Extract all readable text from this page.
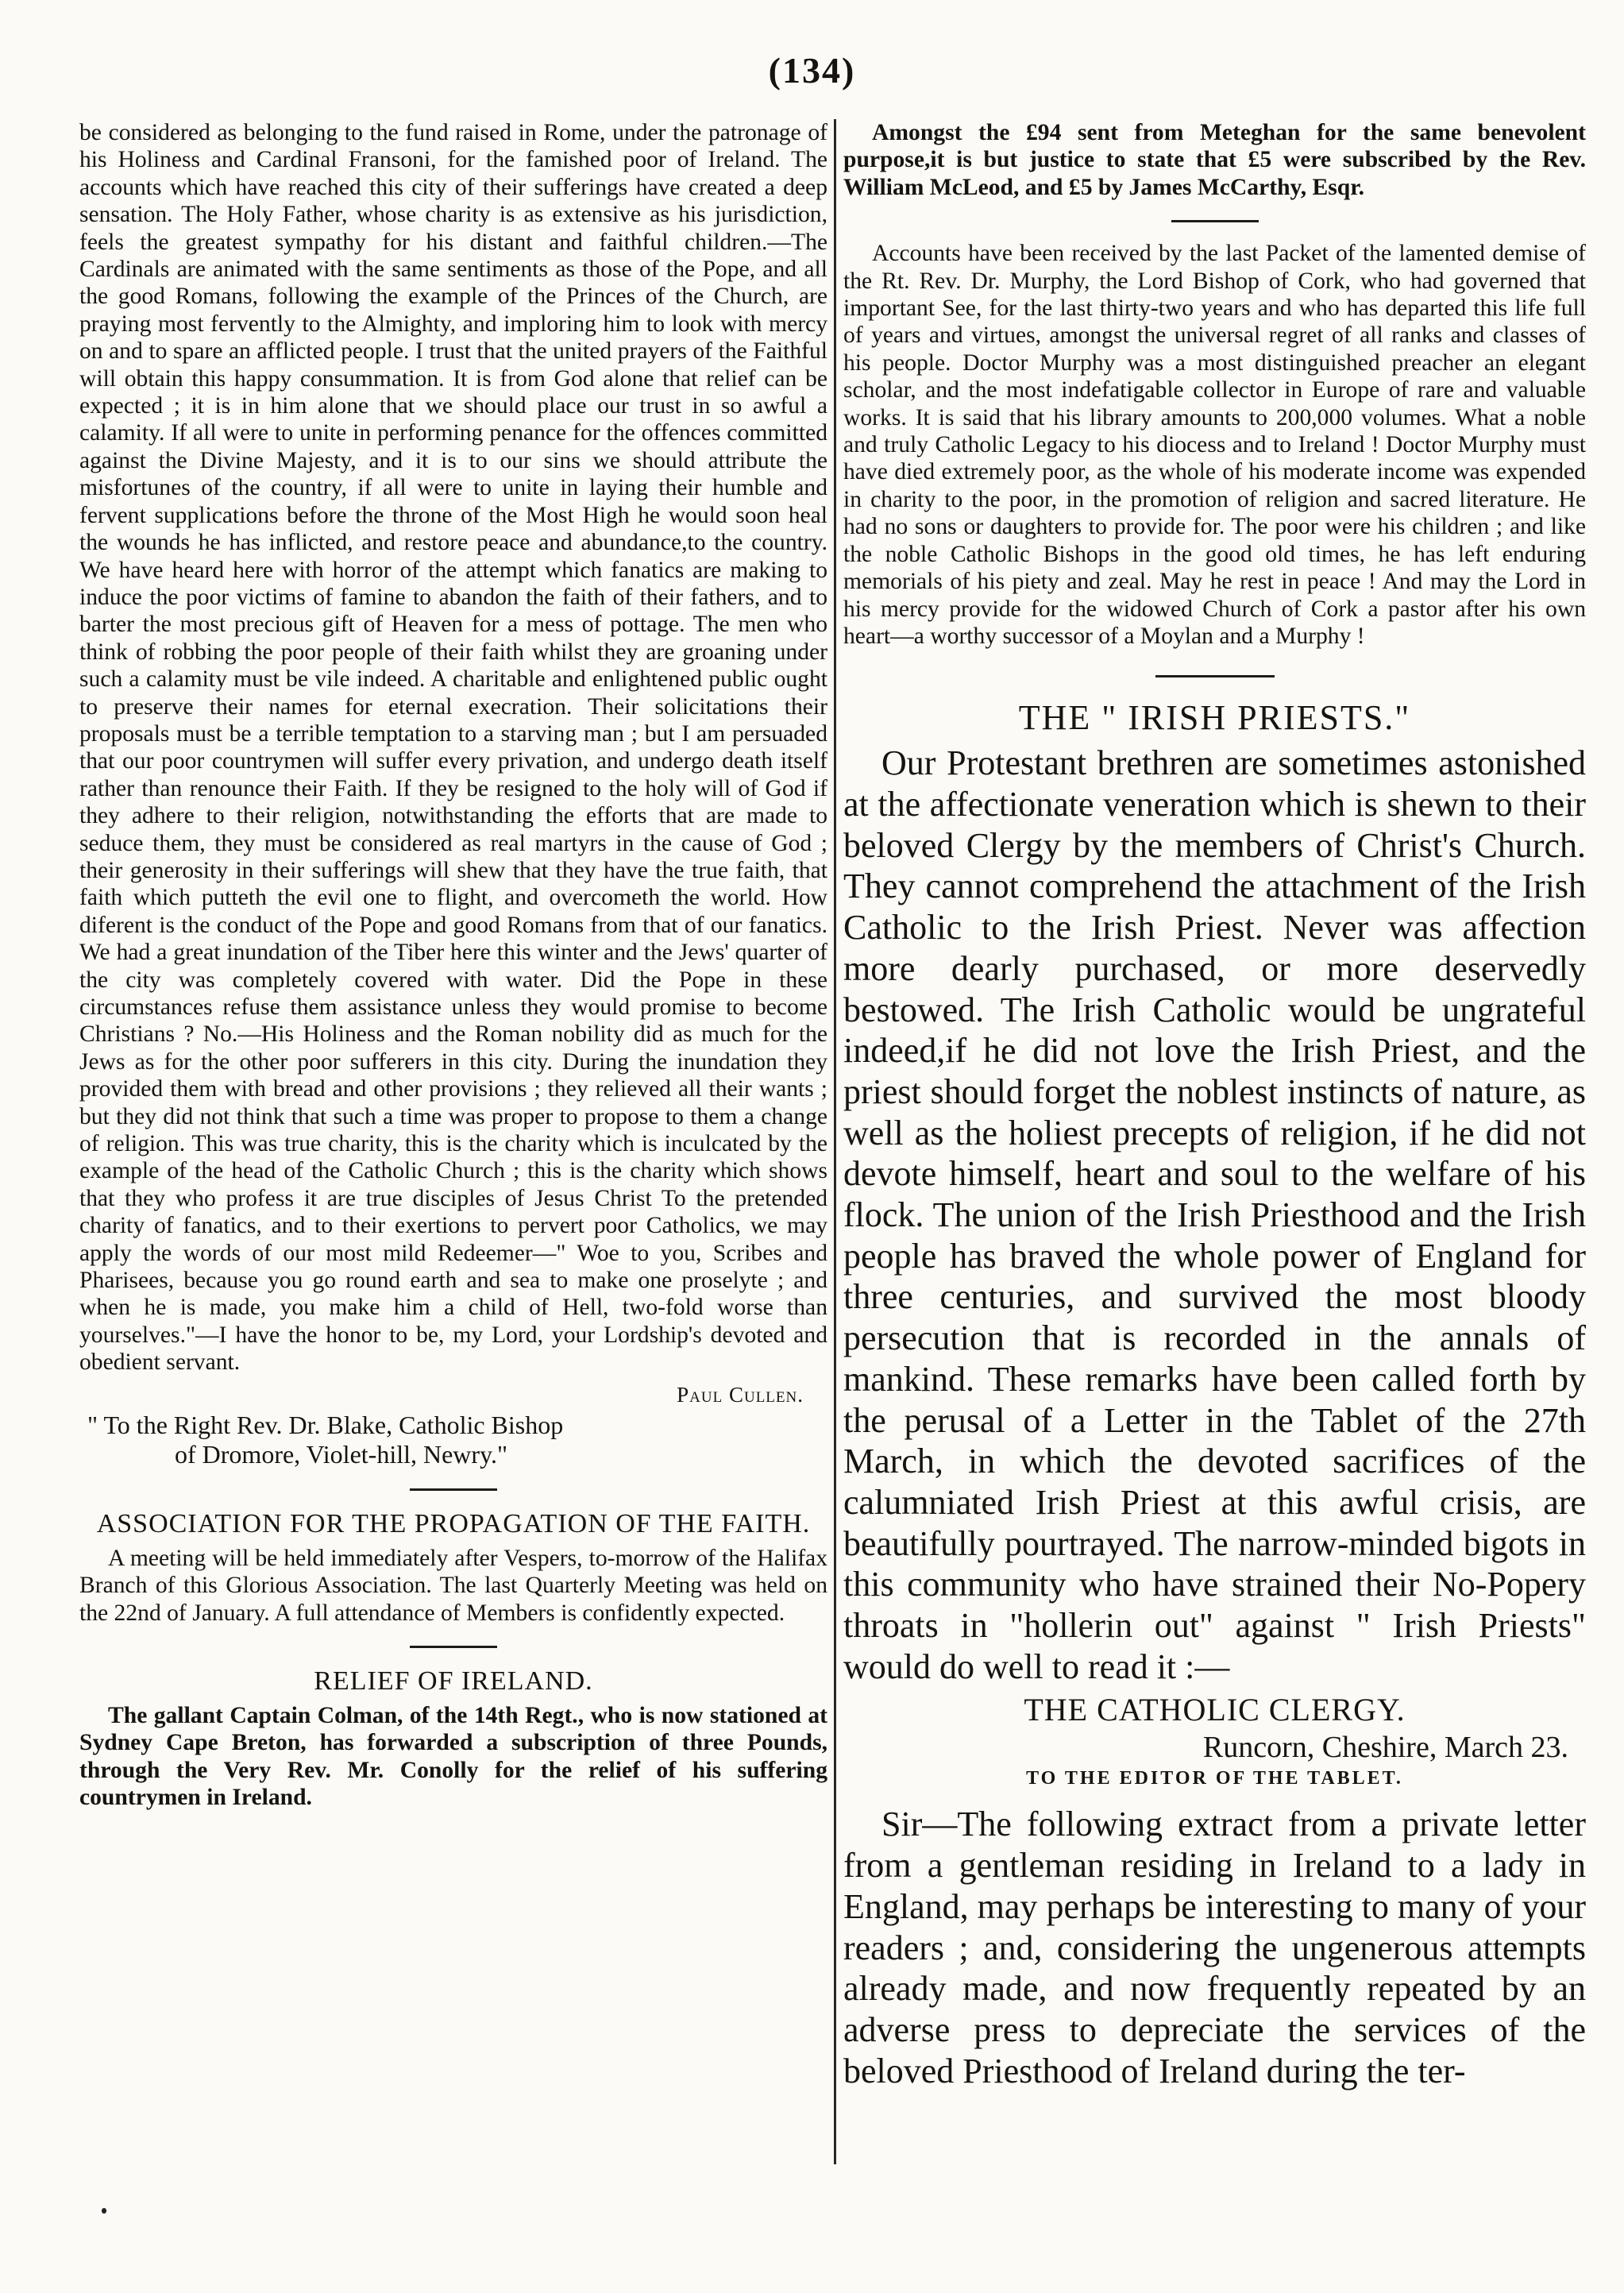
(134)

be considered as belonging to the fund raised in Rome, under the patronage of his Holiness and Cardinal Fransoni, for the famished poor of Ireland. The accounts which have reached this city of their sufferings have created a deep sensation. The Holy Father, whose charity is as extensive as his jurisdiction, feels the greatest sympathy for his distant and faithful children.—The Cardinals are animated with the same sentiments as those of the Pope, and all the good Romans, following the example of the Princes of the Church, are praying most fervently to the Almighty, and imploring him to look with mercy on and to spare an afflicted people. I trust that the united prayers of the Faithful will obtain this happy consummation. It is from God alone that relief can be expected ; it is in him alone that we should place our trust in so awful a calamity. If all were to unite in performing penance for the offences committed against the Divine Majesty, and it is to our sins we should attribute the misfortunes of the country, if all were to unite in laying their humble and fervent supplications before the throne of the Most High he would soon heal the wounds he has inflicted, and restore peace and abundance,to the country. We have heard here with horror of the attempt which fanatics are making to induce the poor victims of famine to abandon the faith of their fathers, and to barter the most precious gift of Heaven for a mess of pottage. The men who think of robbing the poor people of their faith whilst they are groaning under such a calamity must be vile indeed. A charitable and enlightened public ought to preserve their names for eternal execration. Their solicitations their proposals must be a terrible temptation to a starving man ; but I am persuaded that our poor countrymen will suffer every privation, and undergo death itself rather than renounce their Faith. If they be resigned to the holy will of God if they adhere to their religion, notwithstanding the efforts that are made to seduce them, they must be considered as real martyrs in the cause of God ; their generosity in their sufferings will shew that they have the true faith, that faith which putteth the evil one to flight, and overcometh the world. How diferent is the conduct of the Pope and good Romans from that of our fanatics. We had a great inundation of the Tiber here this winter and the Jews' quarter of the city was completely covered with water. Did the Pope in these circumstances refuse them assistance unless they would promise to become Christians ? No.—His Holiness and the Roman nobility did as much for the Jews as for the other poor sufferers in this city. During the inundation they provided them with bread and other provisions ; they relieved all their wants ; but they did not think that such a time was proper to propose to them a change of religion. This was true charity, this is the charity which is inculcated by the example of the head of the Catholic Church ; this is the charity which shows that they who profess it are true disciples of Jesus Christ To the pretended charity of fanatics, and to their exertions to pervert poor Catholics, we may apply the words of our most mild Redeemer—" Woe to you, Scribes and Pharisees, because you go round earth and sea to make one proselyte ; and when he is made, you make him a child of Hell, two-fold worse than yourselves."—I have the honor to be, my Lord, your Lordship's devoted and obedient servant.

Paul Cullen.

" To the Right Rev. Dr. Blake, Catholic Bishop
of Dromore, Violet-hill, Newry."

ASSOCIATION FOR THE PROPAGATION OF THE FAITH.

A meeting will be held immediately after Vespers, to-morrow of the Halifax Branch of this Glorious Association. The last Quarterly Meeting was held on the 22nd of January. A full attendance of Members is confidently expected.

RELIEF OF IRELAND.

The gallant Captain Colman, of the 14th Regt., who is now stationed at Sydney Cape Breton, has forwarded a subscription of three Pounds, through the Very Rev. Mr. Conolly for the relief of his suffering countrymen in Ireland.

Amongst the £94 sent from Meteghan for the same benevolent purpose,it is but justice to state that £5 were subscribed by the Rev. William McLeod, and £5 by James McCarthy, Esqr.

Accounts have been received by the last Packet of the lamented demise of the Rt. Rev. Dr. Murphy, the Lord Bishop of Cork, who had governed that important See, for the last thirty-two years and who has departed this life full of years and virtues, amongst the universal regret of all ranks and classes of his people. Doctor Murphy was a most distinguished preacher an elegant scholar, and the most indefatigable collector in Europe of rare and valuable works. It is said that his library amounts to 200,000 volumes. What a noble and truly Catholic Legacy to his diocess and to Ireland ! Doctor Murphy must have died extremely poor, as the whole of his moderate income was expended in charity to the poor, in the promotion of religion and sacred literature. He had no sons or daughters to provide for. The poor were his children ; and like the noble Catholic Bishops in the good old times, he has left enduring memorials of his piety and zeal. May he rest in peace ! And may the Lord in his mercy provide for the widowed Church of Cork a pastor after his own heart—a worthy successor of a Moylan and a Murphy !

THE " IRISH PRIESTS."

Our Protestant brethren are sometimes astonished at the affectionate veneration which is shewn to their beloved Clergy by the members of Christ's Church. They cannot comprehend the attachment of the Irish Catholic to the Irish Priest. Never was affection more dearly purchased, or more deservedly bestowed. The Irish Catholic would be ungrateful indeed,if he did not love the Irish Priest, and the priest should forget the noblest instincts of nature, as well as the holiest precepts of religion, if he did not devote himself, heart and soul to the welfare of his flock. The union of the Irish Priesthood and the Irish people has braved the whole power of England for three centuries, and survived the most bloody persecution that is recorded in the annals of mankind. These remarks have been called forth by the perusal of a Letter in the Tablet of the 27th March, in which the devoted sacrifices of the calumniated Irish Priest at this awful crisis, are beautifully pourtrayed. The narrow-minded bigots in this community who have strained their No-Popery throats in "hollerin out" against " Irish Priests" would do well to read it :—

THE CATHOLIC CLERGY.

Runcorn, Cheshire, March 23.

TO THE EDITOR OF THE TABLET.

Sir—The following extract from a private letter from a gentleman residing in Ireland to a lady in England, may perhaps be interesting to many of your readers ; and, considering the ungenerous attempts already made, and now frequently repeated by an adverse press to depreciate the services of the beloved Priesthood of Ireland during the ter-
